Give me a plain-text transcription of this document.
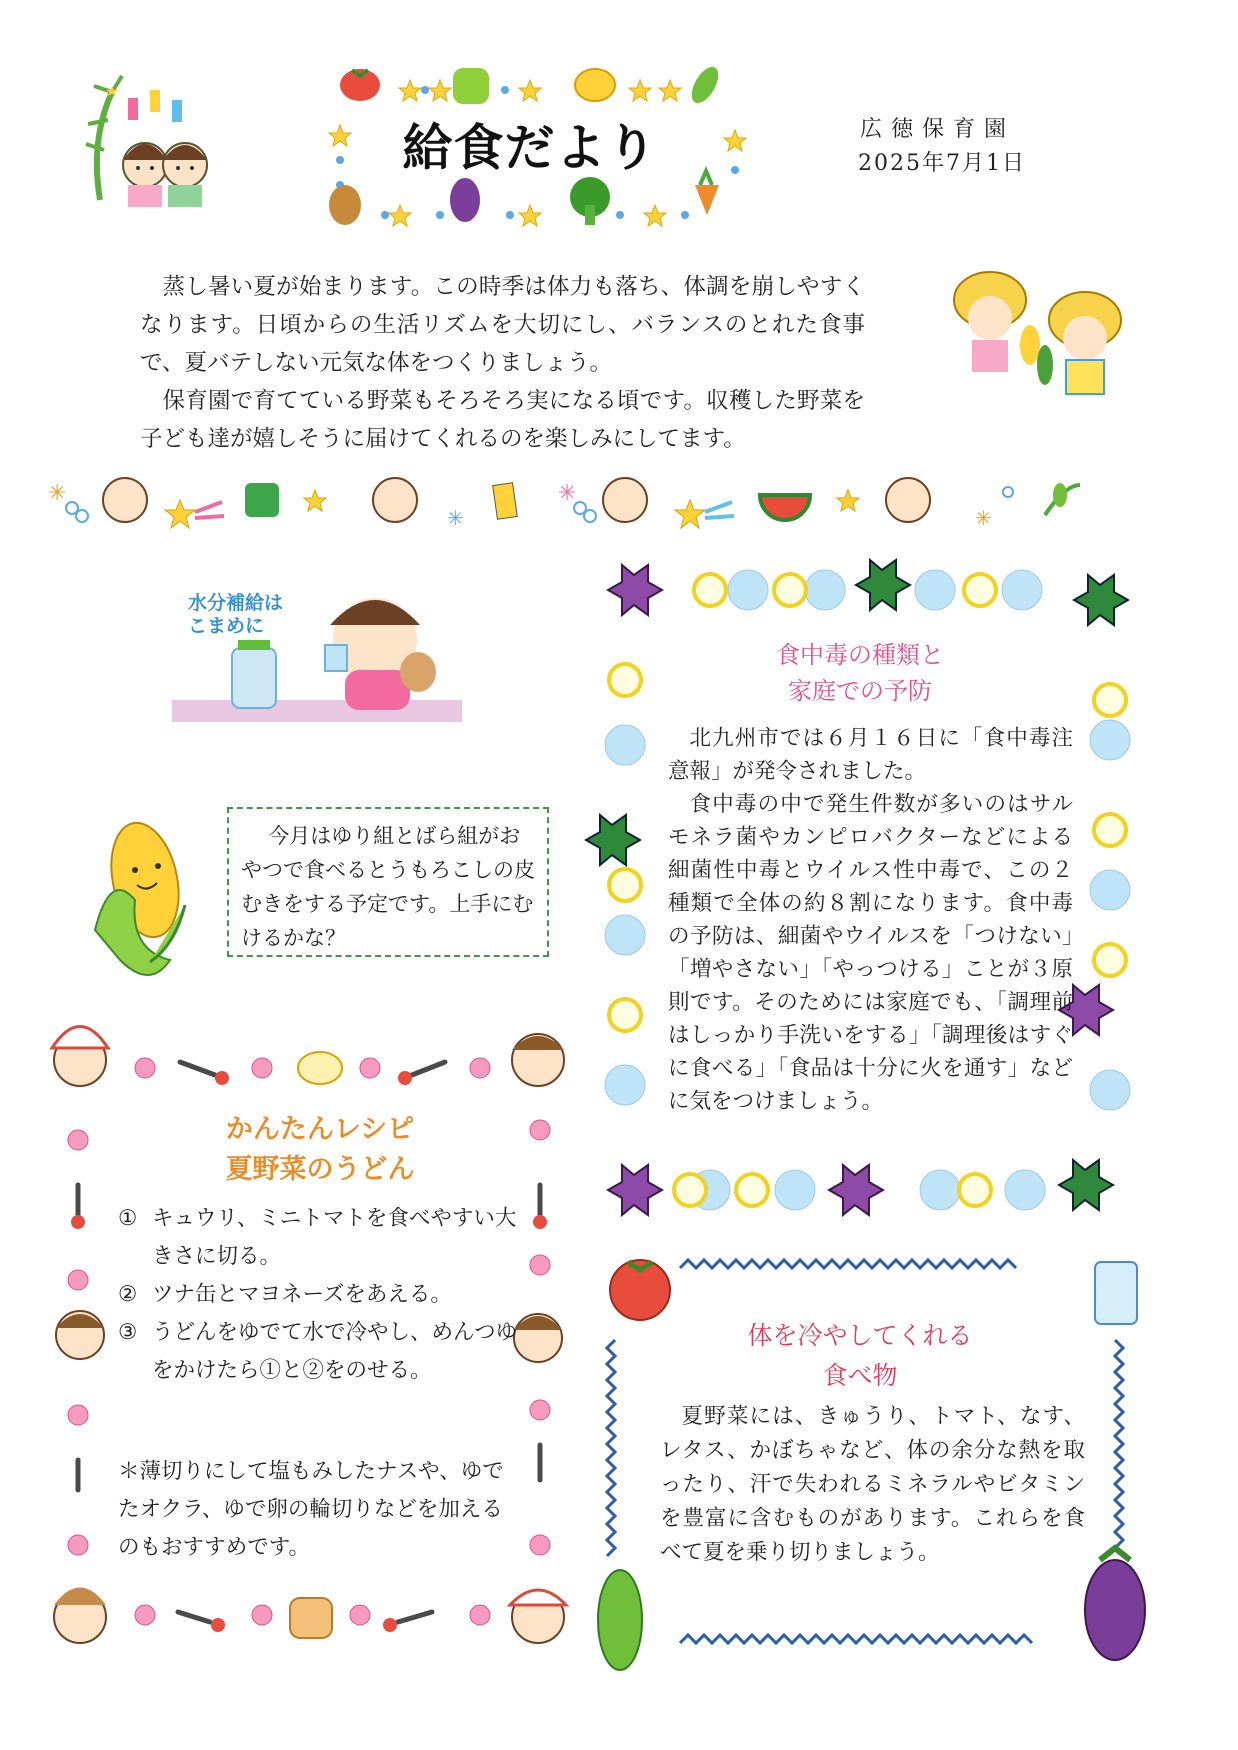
✳	✳
✳	✳
給食だより	広徳保育園
2025年7月1日

蒸し暑い夏が始まります。この時季は体力も落ち、体調を崩しやすくなります。日頃からの生活リズムを大切にし、バランスのとれた食事で、夏バテしない元気な体をつくりましょう。

保育園で育てている野菜もそろそろ実になる頃です。収穫した野菜を子ども達が嬉しそうに届けてくれるのを楽しみにしてます。

水分補給は
こまめに

今月はゆり組とばら組がおやつで食べるとうもろこしの皮むきをする予定です。上手にむけるかな？

食中毒の種類と
家庭での予防

北九州市では６月１６日に「食中毒注意報」が発令されました。

食中毒の中で発生件数が多いのはサルモネラ菌やカンピロバクターなどによる細菌性中毒とウイルス性中毒で、この２種類で全体の約８割になります。食中毒の予防は、細菌やウイルスを「つけない」「増やさない」「やっつける」ことが３原則です。そのためには家庭でも、「調理前はしっかり手洗いをする」「調理後はすぐに食べる」「食品は十分に火を通す」などに気をつけましょう。

かんたんレシピ
夏野菜のうどん
① キュウリ、ミニトマトを食べやすい大きさに切る。
② ツナ缶とマヨネーズをあえる。
③ うどんをゆでて水で冷やし、めんつゆをかけたら①と②をのせる。
＊薄切りにして塩もみしたナスや、ゆでたオクラ、ゆで卵の輪切りなどを加えるのもおすすめです。
体を冷やしてくれる
食べ物

夏野菜には、きゅうり、トマト、なす、レタス、かぼちゃなど、体の余分な熱を取ったり、汗で失われるミネラルやビタミンを豊富に含むものがあります。これらを食べて夏を乗り切りましょう。
